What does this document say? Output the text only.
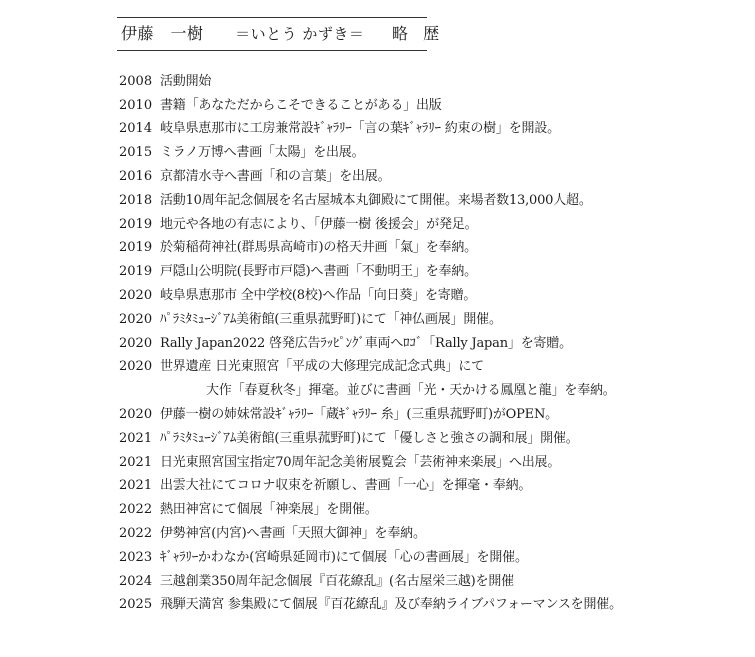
伊藤　一樹 ＝いとう かずき＝ 略 歴
2008 活動開始
2010 書籍「あなただからこそできることがある」出版
2014 岐阜県恵那市に工房兼常設ｷﾞｬﾗﾘｰ「言の葉ｷﾞｬﾗﾘｰ 約束の樹」を開設。
2015 ミラノ万博へ書画「太陽」を出展。
2016 京都清水寺へ書画「和の言葉」を出展。
2018 活動10周年記念個展を名古屋城本丸御殿にて開催。来場者数13,000人超。
2019 地元や各地の有志により、「伊藤一樹 後援会」が発足。
2019 於菊稲荷神社(群馬県高崎市)の格天井画「氣」を奉納。
2019 戸隠山公明院(長野市戸隠)へ書画「不動明王」を奉納。
2020 岐阜県恵那市 全中学校(8校)へ作品「向日葵」を寄贈。
2020 ﾊﾟﾗﾐﾀﾐｭｰｼﾞｱﾑ美術館(三重県菰野町)にて「神仏画展」開催。
2020 Rally Japan2022 啓発広告ﾗｯﾋﾟﾝｸﾞ車両へﾛｺﾞ「Rally Japan」を寄贈。
2020 世界遺産 日光東照宮「平成の大修理完成記念式典」にて
大作「春夏秋冬」揮毫。並びに書画「光・天かける鳳凰と龍」を奉納。
2020 伊藤一樹の姉妹常設ｷﾞｬﾗﾘｰ「蔵ｷﾞｬﾗﾘｰ 糸」(三重県菰野町)がOPEN。
2021 ﾊﾟﾗﾐﾀﾐｭｰｼﾞｱﾑ美術館(三重県菰野町)にて「優しさと強さの調和展」開催。
2021 日光東照宮国宝指定70周年記念美術展覧会「芸術神来楽展」へ出展。
2021 出雲大社にてコロナ収束を祈願し、書画「一心」を揮毫・奉納。
2022 熱田神宮にて個展「神楽展」を開催。
2022 伊勢神宮(内宮)へ書画「天照大御神」を奉納。
2023 ｷﾞｬﾗﾘｰかわなか(宮崎県延岡市)にて個展「心の書画展」を開催。
2024 三越創業350周年記念個展『百花繚乱』(名古屋栄三越)を開催
2025 飛騨天満宮 参集殿にて個展『百花繚乱』及び奉納ライブパフォーマンスを開催。
